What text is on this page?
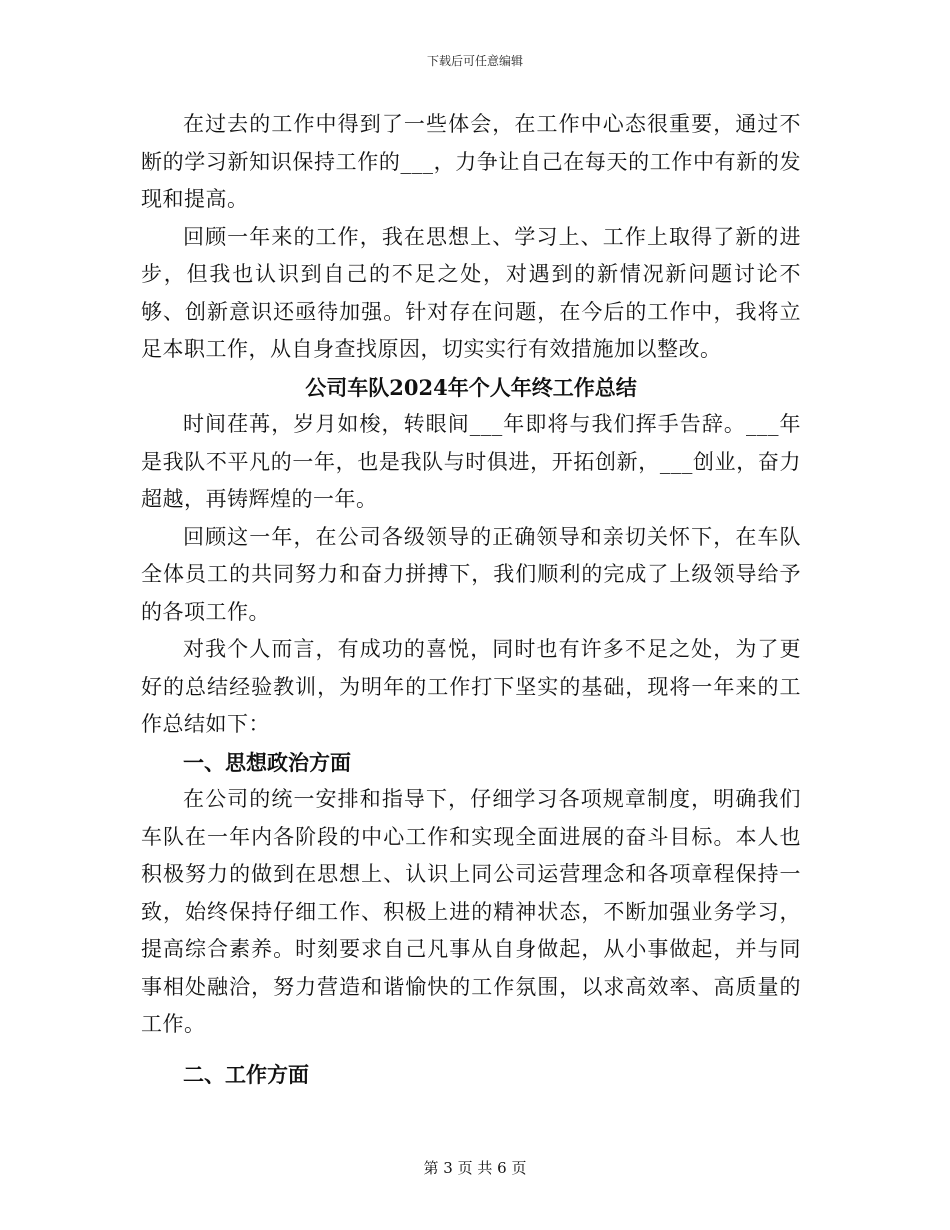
下载后可任意编辑

在过去的工作中得到了一些体会，在工作中心态很重要，通过不断的学习新知识保持工作的___，力争让自己在每天的工作中有新的发现和提高。

回顾一年来的工作，我在思想上、学习上、工作上取得了新的进步，但我也认识到自己的不足之处，对遇到的新情况新问题讨论不够、创新意识还亟待加强。针对存在问题，在今后的工作中，我将立足本职工作，从自身查找原因，切实实行有效措施加以整改。

公司车队2024年个人年终工作总结

时间荏苒，岁月如梭，转眼间___年即将与我们挥手告辞。___年是我队不平凡的一年，也是我队与时俱进，开拓创新，___创业，奋力超越，再铸辉煌的一年。

回顾这一年，在公司各级领导的正确领导和亲切关怀下，在车队全体员工的共同努力和奋力拼搏下，我们顺利的完成了上级领导给予的各项工作。

对我个人而言，有成功的喜悦，同时也有许多不足之处，为了更好的总结经验教训，为明年的工作打下坚实的基础，现将一年来的工作总结如下：

一、思想政治方面

在公司的统一安排和指导下，仔细学习各项规章制度，明确我们车队在一年内各阶段的中心工作和实现全面进展的奋斗目标。本人也积极努力的做到在思想上、认识上同公司运营理念和各项章程保持一致，始终保持仔细工作、积极上进的精神状态，不断加强业务学习，提高综合素养。时刻要求自己凡事从自身做起，从小事做起，并与同事相处融洽，努力营造和谐愉快的工作氛围，以求高效率、高质量的工作。

二、工作方面

第 3 页 共 6 页
